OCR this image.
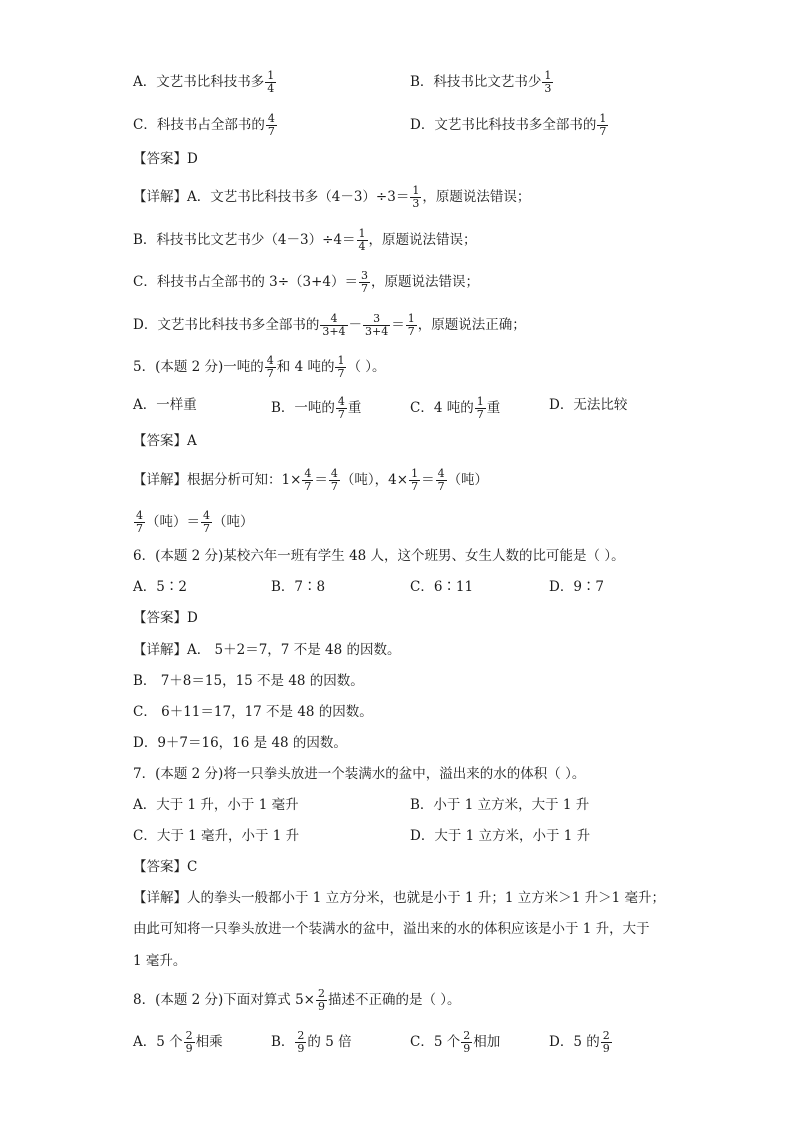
A．文艺书比科技书多 $\frac{1}{4}$	B．科技书比文艺书少 $\frac{1}{3}$
C．科技书占全部书的 $\frac{4}{7}$	D．文艺书比科技书多全部书的 $\frac{1}{7}$
【答案】D
【详解】A．文艺书比科技书多$(4-3)\div 3= \frac{1}{3}$ ，原题说法错误；
B．科技书比文艺书少$(4-3)\div 4= \frac{1}{4}$ ，原题说法错误；
C．科技书占全部书的 $3\div(3+4)= \frac{3}{7}$ ，原题说法错误；
D．文艺书比科技书多全部书的 $\frac{4}{3+4} - \frac{3}{3+4} = \frac{1}{7}$ ，原题说法正确；
5．(本题 2 分)一吨的 $\frac{4}{7}$ 和 4 吨的 $\frac{1}{7}$ （ ）。
A．一样重	B．一吨的 $\frac{4}{7}$ 重	C．4 吨的 $\frac{1}{7}$ 重	D．无法比较
【答案】A
【详解】根据分析可知：$1\times \frac{4}{7} = \frac{4}{7}$ （吨），$4\times \frac{1}{7} = \frac{4}{7}$ （吨）
$\frac{4}{7}$ （吨）＝ $\frac{4}{7}$ （吨）
6．(本题 2 分)某校六年一班有学生 48 人，这个班男、女生人数的比可能是（ ）。
A．5∶2	B．7∶8	C．6∶11	D．9∶7
【答案】D
【详解】A． 5＋2＝7，7 不是 48 的因数。
B． 7＋8＝15，15 不是 48 的因数。
C． 6＋11＝17，17 不是 48 的因数。
D．9＋7＝16，16 是 48 的因数。
7．(本题 2 分)将一只拳头放进一个装满水的盆中，溢出来的水的体积（ ）。
A．大于 1 升，小于 1 毫升	B．小于 1 立方米，大于 1 升
C．大于 1 毫升，小于 1 升	D．大于 1 立方米，小于 1 升
【答案】C
【详解】人的拳头一般都小于 1 立方分米，也就是小于 1 升；1 立方米＞1 升＞1 毫升；
由此可知将一只拳头放进一个装满水的盆中，溢出来的水的体积应该是小于 1 升，大于
1 毫升。
8．(本题 2 分)下面对算式 $5\times \frac{2}{9}$ 描述不正确的是（ ）。
A．5 个 $\frac{2}{9}$ 相乘	B． $\frac{2}{9}$ 的 5 倍	C．5 个 $\frac{2}{9}$ 相加	D．5 的 $\frac{2}{9}$
